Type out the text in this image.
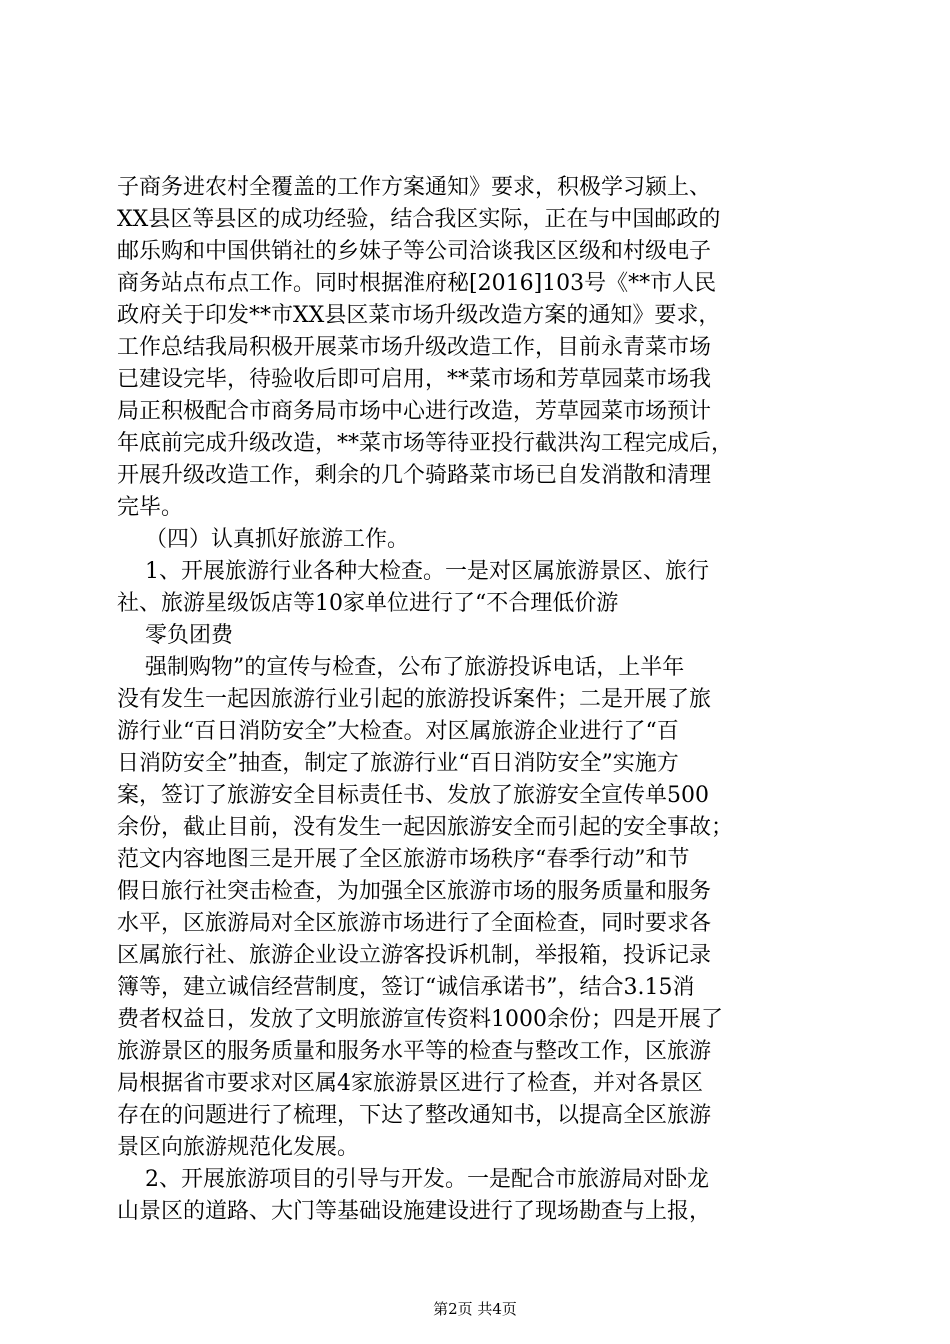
子商务进农村全覆盖的工作方案通知》要求，积极学习颍上、
XX县区等县区的成功经验，结合我区实际，正在与中国邮政的
邮乐购和中国供销社的乡妹子等公司洽谈我区区级和村级电子
商务站点布点工作。同时根据淮府秘[2016]103号《**市人民
政府关于印发**市XX县区菜市场升级改造方案的通知》要求，
工作总结我局积极开展菜市场升级改造工作，目前永青菜市场
已建设完毕，待验收后即可启用，**菜市场和芳草园菜市场我
局正积极配合市商务局市场中心进行改造，芳草园菜市场预计
年底前完成升级改造，**菜市场等待亚投行截洪沟工程完成后，
开展升级改造工作，剩余的几个骑路菜市场已自发消散和清理
完毕。
（四）认真抓好旅游工作。
1、开展旅游行业各种大检查。一是对区属旅游景区、旅行
社、旅游星级饭店等10家单位进行了“不合理低价游
零负团费
强制购物”的宣传与检查，公布了旅游投诉电话，上半年
没有发生一起因旅游行业引起的旅游投诉案件；二是开展了旅
游行业“百日消防安全”大检查。对区属旅游企业进行了“百
日消防安全”抽查，制定了旅游行业“百日消防安全”实施方
案，签订了旅游安全目标责任书、发放了旅游安全宣传单500
余份，截止目前，没有发生一起因旅游安全而引起的安全事故；
范文内容地图三是开展了全区旅游市场秩序“春季行动”和节
假日旅行社突击检查，为加强全区旅游市场的服务质量和服务
水平，区旅游局对全区旅游市场进行了全面检查，同时要求各
区属旅行社、旅游企业设立游客投诉机制，举报箱，投诉记录
簿等，建立诚信经营制度，签订“诚信承诺书”，结合3.15消
费者权益日，发放了文明旅游宣传资料1000余份；四是开展了
旅游景区的服务质量和服务水平等的检查与整改工作，区旅游
局根据省市要求对区属4家旅游景区进行了检查，并对各景区
存在的问题进行了梳理，下达了整改通知书，以提高全区旅游
景区向旅游规范化发展。
2、开展旅游项目的引导与开发。一是配合市旅游局对卧龙
山景区的道路、大门等基础设施建设进行了现场勘查与上报，
第2页 共4页
